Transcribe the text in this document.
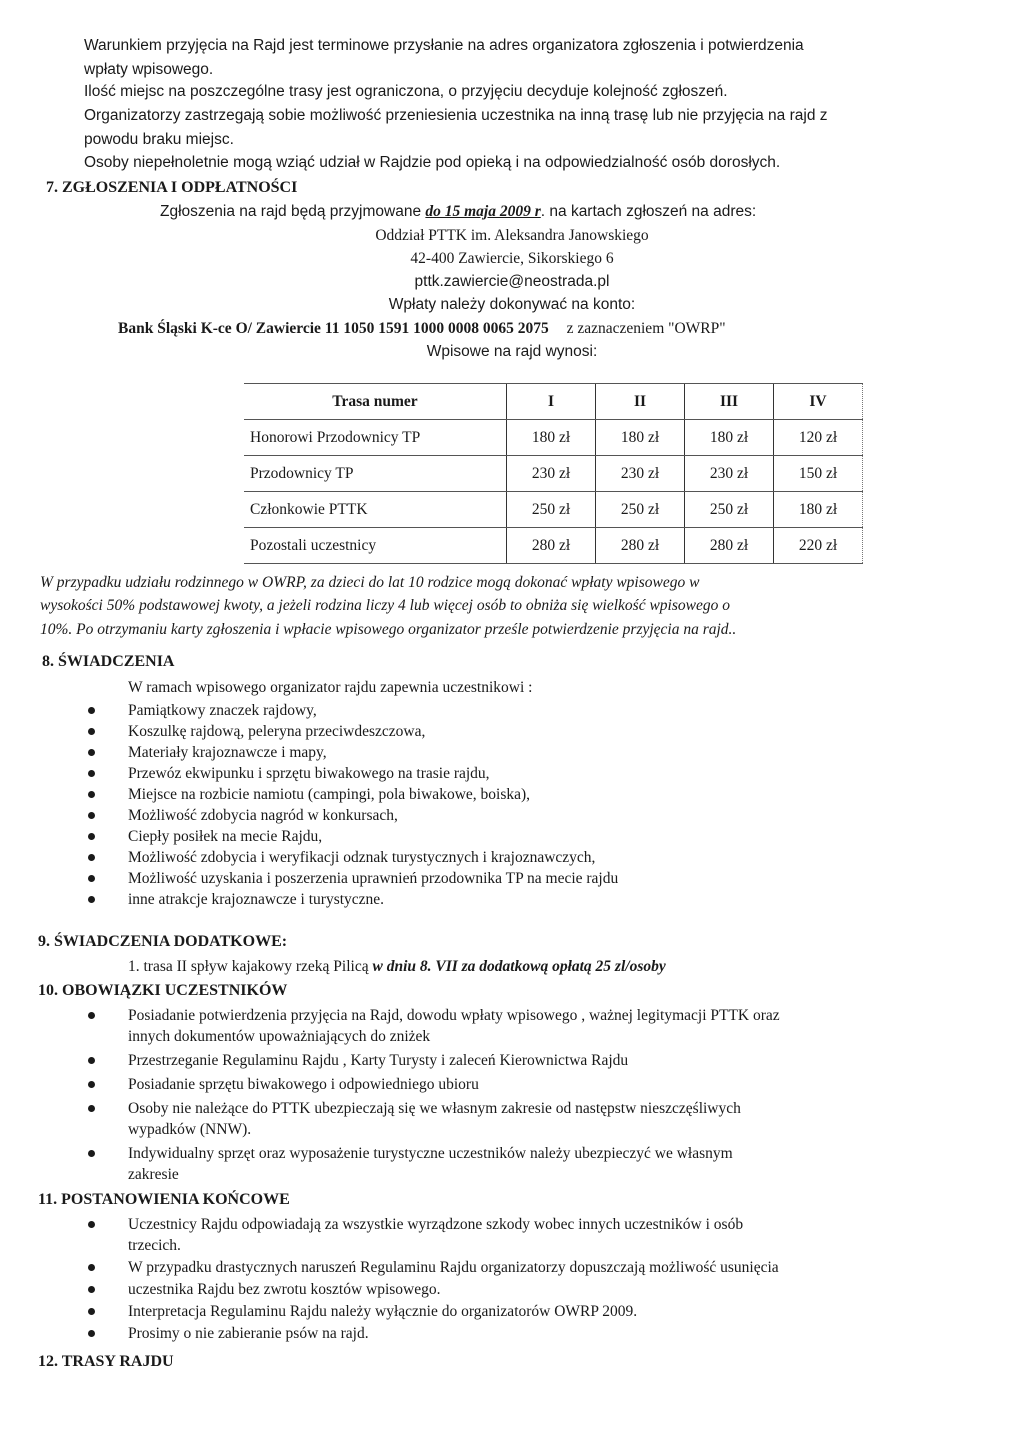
Warunkiem przyjęcia na Rajd jest terminowe przysłanie na adres organizatora zgłoszenia i potwierdzenia
wpłaty wpisowego.
Ilość miejsc na poszczególne trasy jest ograniczona, o przyjęciu decyduje kolejność zgłoszeń.
Organizatorzy zastrzegają sobie możliwość przeniesienia uczestnika na inną trasę lub nie przyjęcia na rajd z
powodu braku miejsc.
Osoby niepełnoletnie mogą wziąć udział w Rajdzie pod opieką i na odpowiedzialność osób dorosłych.
7. ZGŁOSZENIA I ODPŁATNOŚCI
Zgłoszenia na rajd będą przyjmowane do 15 maja 2009 r. na kartach zgłoszeń na adres:
Oddział PTTK im. Aleksandra Janowskiego
42-400 Zawiercie, Sikorskiego 6
pttk.zawiercie@neostrada.pl
Wpłaty należy dokonywać na konto:
Bank Śląski K-ce O/ Zawiercie 11 1050 1591 1000 0008 0065 2075 z zaznaczeniem "OWRP"
Wpisowe na rajd wynosi:
Trasa numer	I	II	III	IV
Honorowi Przodownicy TP	180 zł	180 zł	180 zł	120 zł
Przodownicy TP	230 zł	230 zł	230 zł	150 zł
Członkowie PTTK	250 zł	250 zł	250 zł	180 zł
Pozostali uczestnicy	280 zł	280 zł	280 zł	220 zł
W przypadku udziału rodzinnego w OWRP, za dzieci do lat 10 rodzice mogą dokonać wpłaty wpisowego w
wysokości 50% podstawowej kwoty, a jeżeli rodzina liczy 4 lub więcej osób to obniża się wielkość wpisowego o
10%. Po otrzymaniu karty zgłoszenia i wpłacie wpisowego organizator prześle potwierdzenie przyjęcia na rajd..
8. ŚWIADCZENIA
W ramach wpisowego organizator rajdu zapewnia uczestnikowi :
Pamiątkowy znaczek rajdowy,
Koszulkę rajdową, peleryna przeciwdeszczowa,
Materiały krajoznawcze i mapy,
Przewóz ekwipunku i sprzętu biwakowego na trasie rajdu,
Miejsce na rozbicie namiotu (campingi, pola biwakowe, boiska),
Możliwość zdobycia nagród w konkursach,
Ciepły posiłek na mecie Rajdu,
Możliwość zdobycia i weryfikacji odznak turystycznych i krajoznawczych,
Możliwość uzyskania i poszerzenia uprawnień przodownika TP na mecie rajdu
inne atrakcje krajoznawcze i turystyczne.
9. ŚWIADCZENIA DODATKOWE:
1. trasa II spływ kajakowy rzeką Pilicą w dniu 8. VII za dodatkową opłatą 25 zl/osoby
10. OBOWIĄZKI UCZESTNIKÓW
Posiadanie potwierdzenia przyjęcia na Rajd, dowodu wpłaty wpisowego , ważnej legitymacji PTTK oraz
innych dokumentów upoważniających do zniżek
Przestrzeganie Regulaminu Rajdu , Karty Turysty i zaleceń Kierownictwa Rajdu
Posiadanie sprzętu biwakowego i odpowiedniego ubioru
Osoby nie należące do PTTK ubezpieczają się we własnym zakresie od następstw nieszczęśliwych
wypadków (NNW).
Indywidualny sprzęt oraz wyposażenie turystyczne uczestników należy ubezpieczyć we własnym
zakresie
11. POSTANOWIENIA KOŃCOWE
Uczestnicy Rajdu odpowiadają za wszystkie wyrządzone szkody wobec innych uczestników i osób
trzecich.
W przypadku drastycznych naruszeń Regulaminu Rajdu organizatorzy dopuszczają możliwość usunięcia
uczestnika Rajdu bez zwrotu kosztów wpisowego.
Interpretacja Regulaminu Rajdu należy wyłącznie do organizatorów OWRP 2009.
Prosimy o nie zabieranie psów na rajd.
12. TRASY RAJDU
